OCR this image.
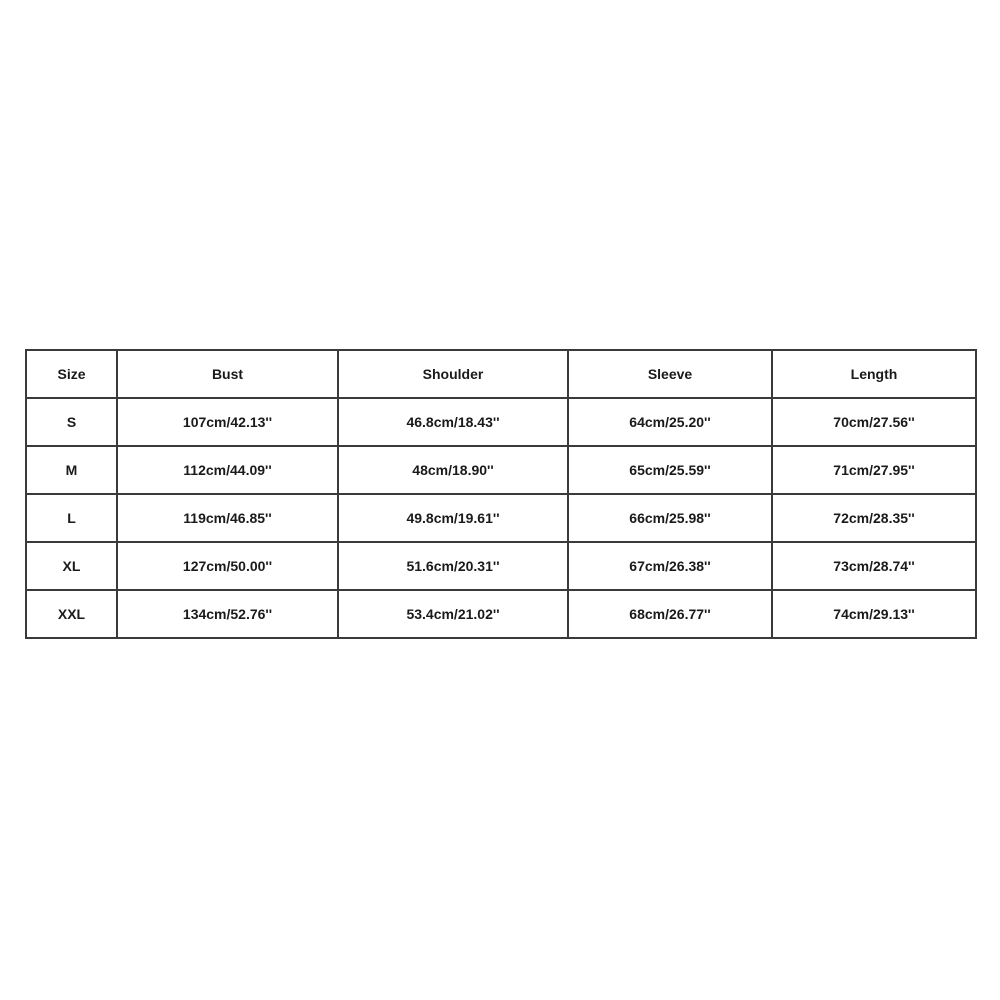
Size	Bust	Shoulder	Sleeve	Length
S	107cm/42.13''	46.8cm/18.43''	64cm/25.20''	70cm/27.56''
M	112cm/44.09''	48cm/18.90''	65cm/25.59''	71cm/27.95''
L	119cm/46.85''	49.8cm/19.61''	66cm/25.98''	72cm/28.35''
XL	127cm/50.00''	51.6cm/20.31''	67cm/26.38''	73cm/28.74''
XXL	134cm/52.76''	53.4cm/21.02''	68cm/26.77''	74cm/29.13''
